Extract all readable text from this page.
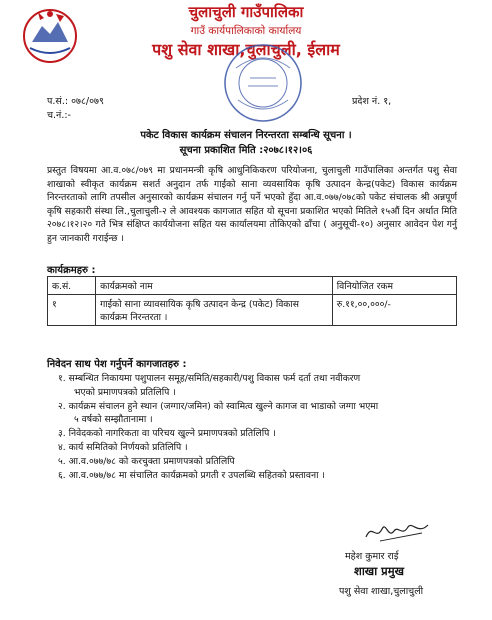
चुलाचुली गाउँपालिका
गाउँ कार्यपालिकाको कार्यालय
पशु सेवा शाखा,चुलाचुली, ईलाम
प.सं.: ०७८/०७९
च.नं.:-
प्रदेश नं. १,
पकेट विकास कार्यक्रम संचालन निरन्तरता सम्बन्धि सूचना ।
सूचना प्रकाशित मिति :२०७८।१२।०६
प्रस्तुत विषयमा आ.व.०७८/०७९ मा प्रधानमन्त्री कृषि आधुनिकिकरण परियोजना, चुलाचुली गाउँपालिका अन्तर्गत पशु सेवा शाखाको स्वीकृत कार्यक्रम सशर्त अनुदान तर्फ गाईको साना व्यवसायिक कृषि उत्पादन केन्द्र(पकेट) विकास कार्यक्रम निरन्तरताको लागि तपसील अनुसारको कार्यक्रम संचालन गर्नु पर्ने भएको हुँदा आ.व.०७७/०७८को पकेट संचालक श्री अन्नपूर्ण कृषि सहकारी संस्था लि.,चुलाचुली-२ ले आवश्यक कागजात सहित यो सूचना प्रकाशित भएको मितिले १५औं दिन अर्थात मिति २०७८।१२।२० गते भित्र संक्षिप्त कार्ययोजना सहित यस कार्यालयमा तोकिएको ढाँचा ( अनुसूची-१०) अनुसार आवेदन पेश गर्नु हुन जानकारी गराईन्छ ।
कार्यक्रमहरु :
क.सं.	कार्यक्रमको नाम	विनियोजित रकम
१	गाईको साना व्यावसायिक कृषि उत्पादन केन्द्र (पकेट) विकास कार्यक्रम निरन्तरता ।	रु.११,००,०००/-
निवेदन साथ पेश गर्नुपर्ने कागजातहरु :
१. सम्बन्धित निकायमा पशुपालन समूह/समिति/सहकारी/पशु विकास फर्म दर्ता तथा नवीकरण
भएको प्रमाणपत्रको प्रतिलिपि ।
२. कार्यक्रम संचालन हुने स्थान (जग्गार/जमिन) को स्वामित्व खुल्ने कागज वा भाडाको जग्गा भएमा
५ वर्षको सम्झौतानामा ।
३. निवेदकको नागरिकता वा परिचय खुल्ने प्रमाणपत्रको प्रतिलिपि ।
४. कार्य समितिको निर्णयको प्रतिलिपि ।
५. आ.व.०७७/७८ को करचुक्ता प्रमाणपत्रको प्रतिलिपि
६. आ.व.०७७/७८ मा संचालित कार्यक्रमको प्रगती र उपलब्धि सहितको प्रस्तावना ।
महेश कुमार राई
शाखा प्रमुख
पशु सेवा शाखा,चुलाचुली
